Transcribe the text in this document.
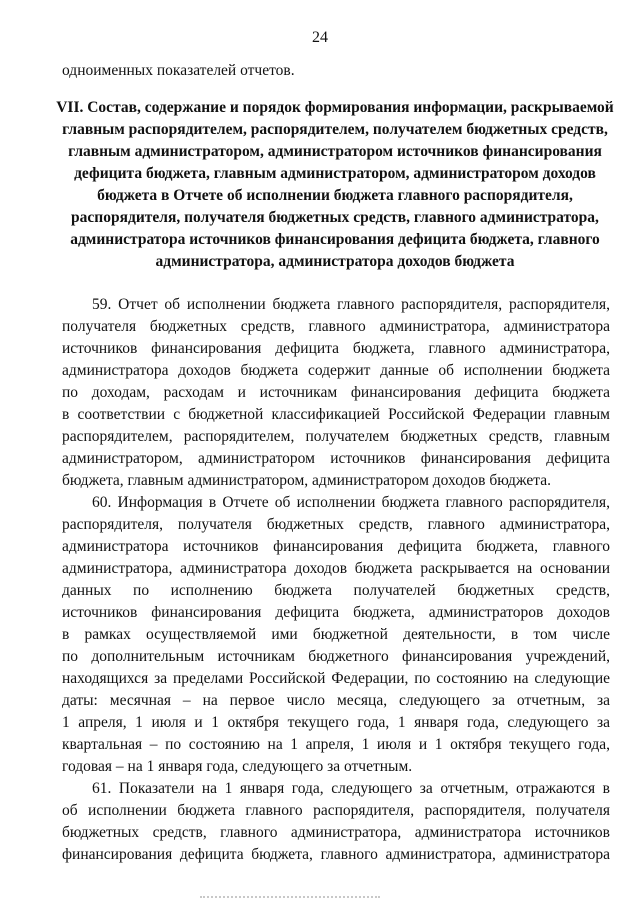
24
одноименных показателей отчетов.
VII. Состав, содержание и порядок формирования информации, раскрываемой
главным распорядителем, распорядителем, получателем бюджетных средств,
главным администратором, администратором источников финансирования
дефицита бюджета, главным администратором, администратором доходов
бюджета в Отчете об исполнении бюджета главного распорядителя,
распорядителя, получателя бюджетных средств, главного администратора,
администратора источников финансирования дефицита бюджета, главного
администратора, администратора доходов бюджета
59. Отчет об исполнении бюджета главного распорядителя, распорядителя,
получателя бюджетных средств, главного администратора, администратора
источников финансирования дефицита бюджета, главного администратора,
администратора доходов бюджета содержит данные об исполнении бюджета
по доходам, расходам и источникам финансирования дефицита бюджета
в соответствии с бюджетной классификацией Российской Федерации главным
распорядителем, распорядителем, получателем бюджетных средств, главным
администратором, администратором источников финансирования дефицита
бюджета, главным администратором, администратором доходов бюджета.
60. Информация в Отчете об исполнении бюджета главного распорядителя,
распорядителя, получателя бюджетных средств, главного администратора,
администратора источников финансирования дефицита бюджета, главного
администратора, администратора доходов бюджета раскрывается на основании
данных по исполнению бюджета получателей бюджетных средств,
источников финансирования дефицита бюджета, администраторов доходов
в рамках осуществляемой ими бюджетной деятельности, в том числе
по дополнительным источникам бюджетного финансирования учреждений,
находящихся за пределами Российской Федерации, по состоянию на следующие
даты: месячная – на первое число месяца, следующего за отчетным, за
1 апреля, 1 июля и 1 октября текущего года, 1 января года, следующего за
квартальная – по состоянию на 1 апреля, 1 июля и 1 октября текущего года,
годовая – на 1 января года, следующего за отчетным.
61. Показатели на 1 января года, следующего за отчетным, отражаются в
об исполнении бюджета главного распорядителя, распорядителя, получателя
бюджетных средств, главного администратора, администратора источников
финансирования дефицита бюджета, главного администратора, администратора
